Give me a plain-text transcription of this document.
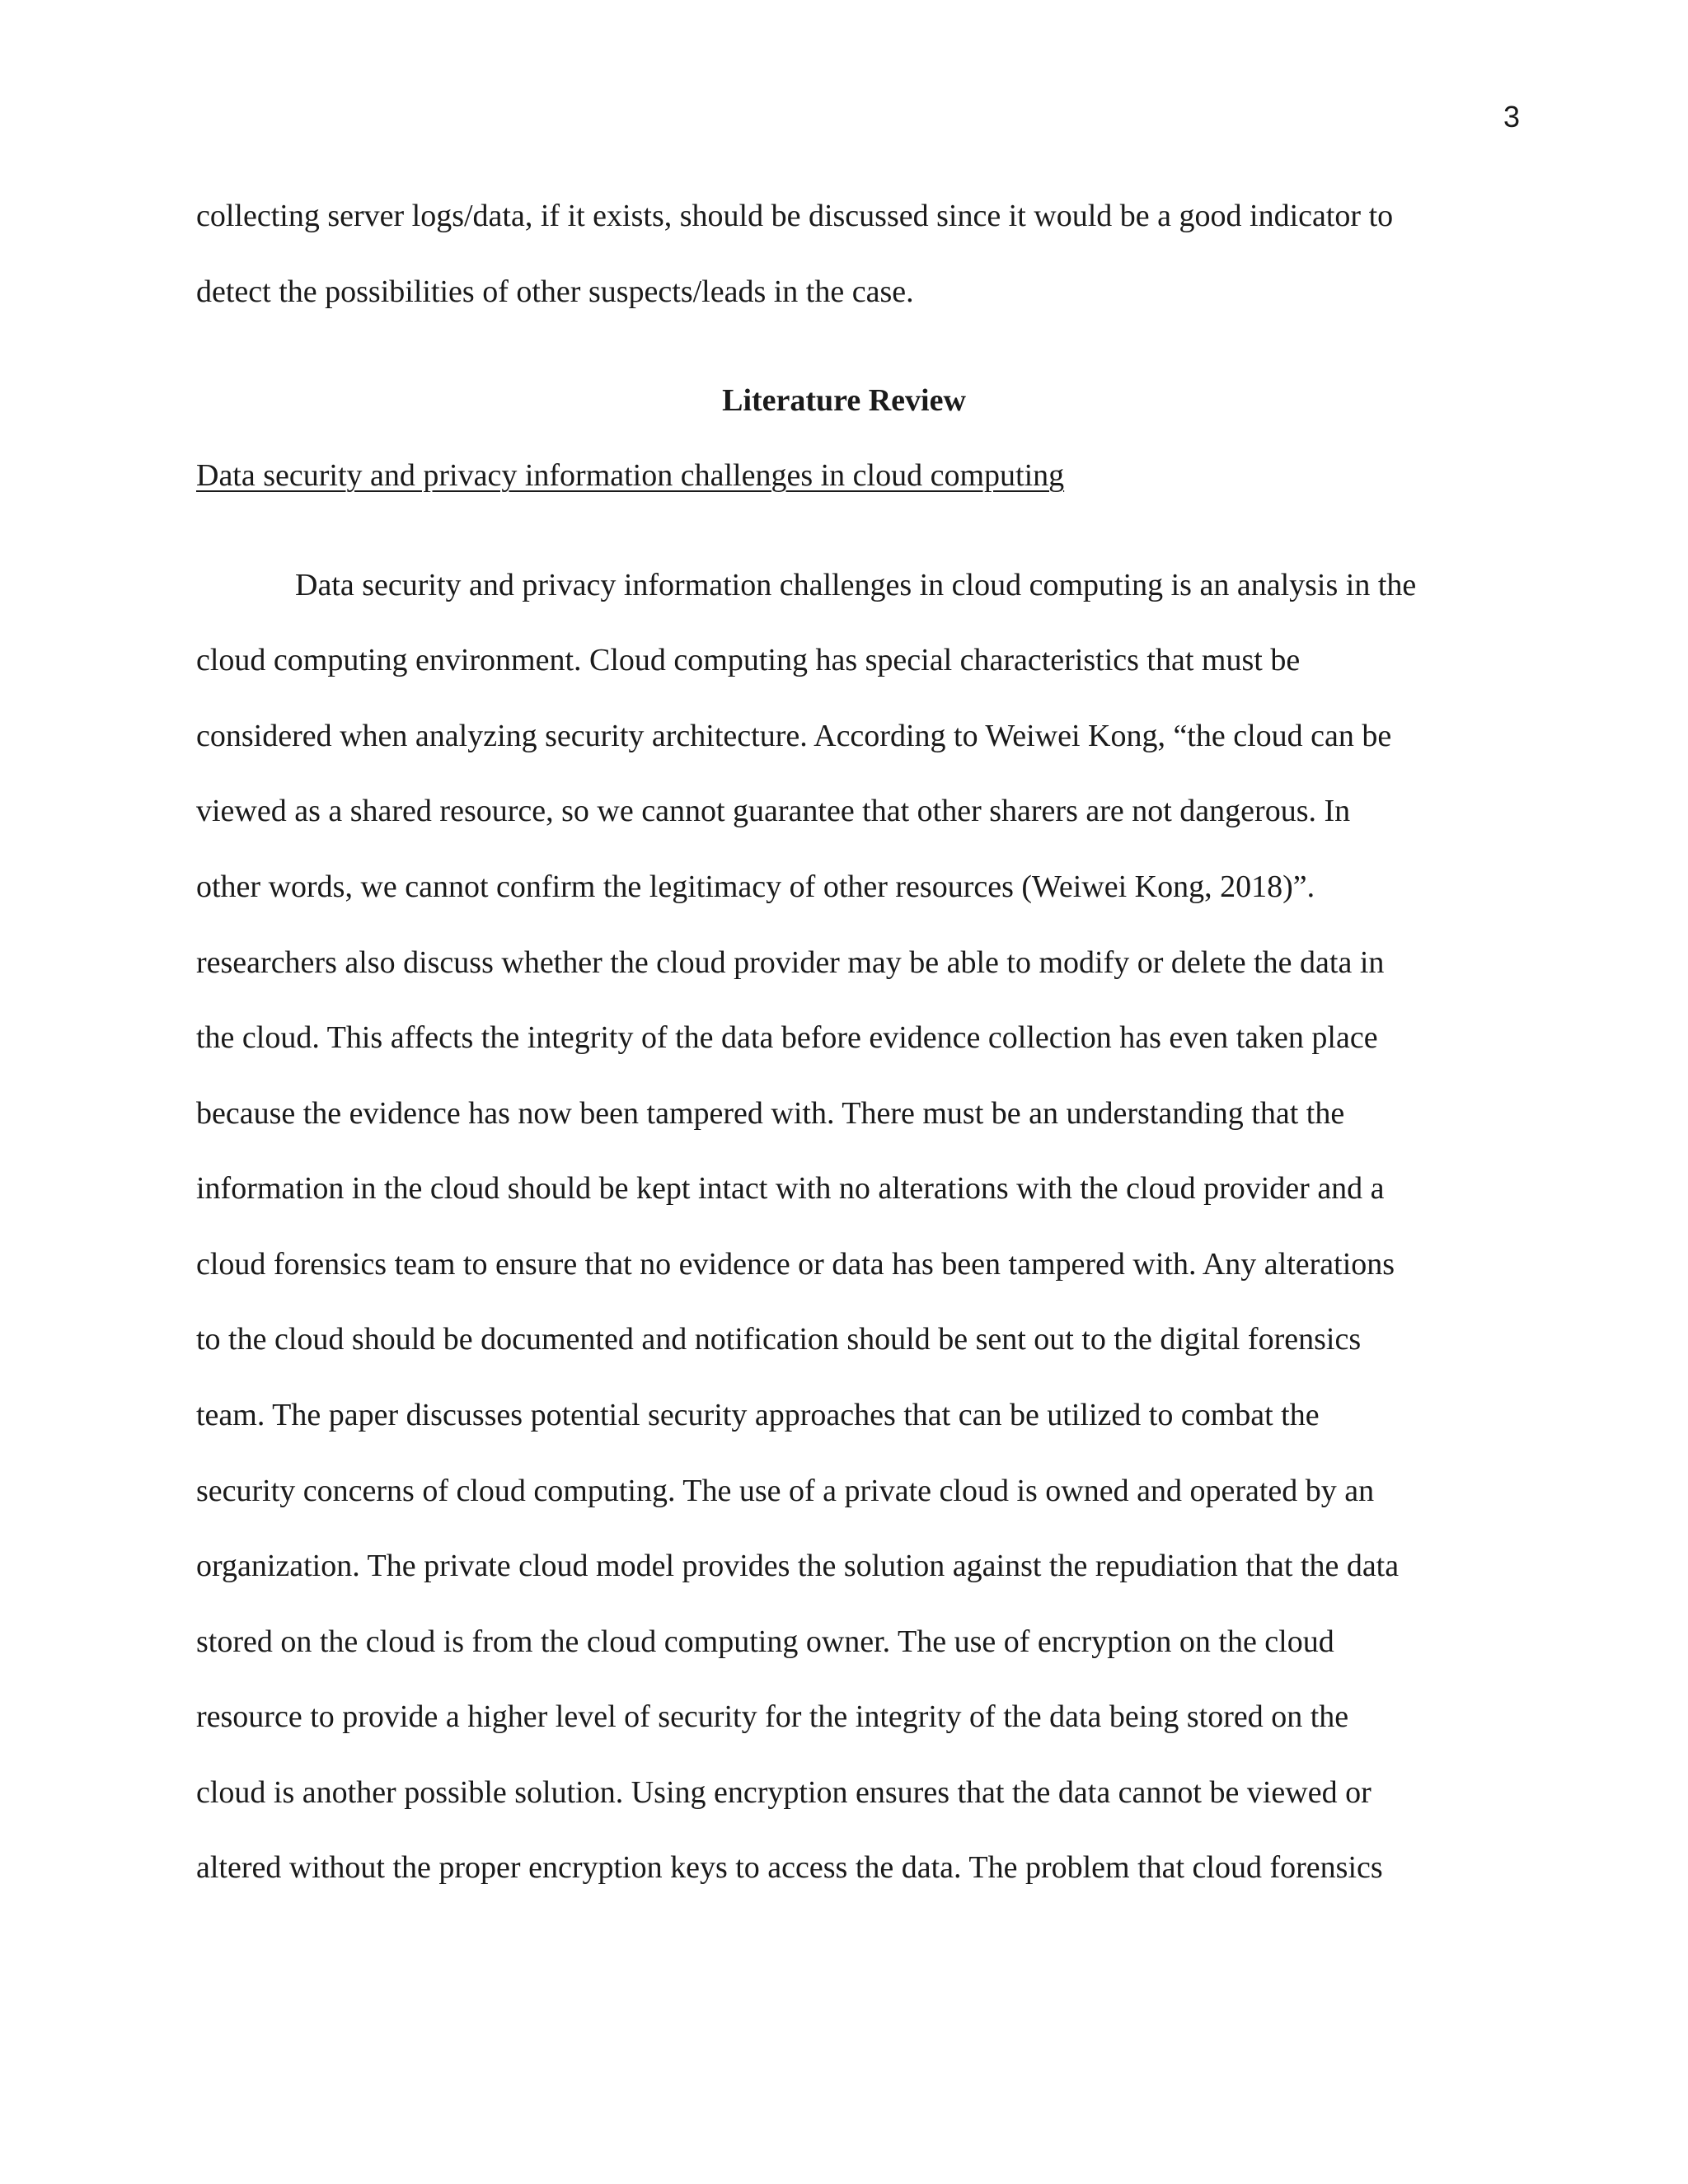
3
collecting server logs/data, if it exists, should be discussed since it would be a good indicator to
detect the possibilities of other suspects/leads in the case.
Literature Review
Data security and privacy information challenges in cloud computing
Data security and privacy information challenges in cloud computing is an analysis in the
cloud computing environment. Cloud computing has special characteristics that must be
considered when analyzing security architecture. According to Weiwei Kong, “the cloud can be
viewed as a shared resource, so we cannot guarantee that other sharers are not dangerous. In
other words, we cannot confirm the legitimacy of other resources (Weiwei Kong, 2018)”.
researchers also discuss whether the cloud provider may be able to modify or delete the data in
the cloud. This affects the integrity of the data before evidence collection has even taken place
because the evidence has now been tampered with. There must be an understanding that the
information in the cloud should be kept intact with no alterations with the cloud provider and a
cloud forensics team to ensure that no evidence or data has been tampered with. Any alterations
to the cloud should be documented and notification should be sent out to the digital forensics
team. The paper discusses potential security approaches that can be utilized to combat the
security concerns of cloud computing. The use of a private cloud is owned and operated by an
organization. The private cloud model provides the solution against the repudiation that the data
stored on the cloud is from the cloud computing owner. The use of encryption on the cloud
resource to provide a higher level of security for the integrity of the data being stored on the
cloud is another possible solution. Using encryption ensures that the data cannot be viewed or
altered without the proper encryption keys to access the data. The problem that cloud forensics
